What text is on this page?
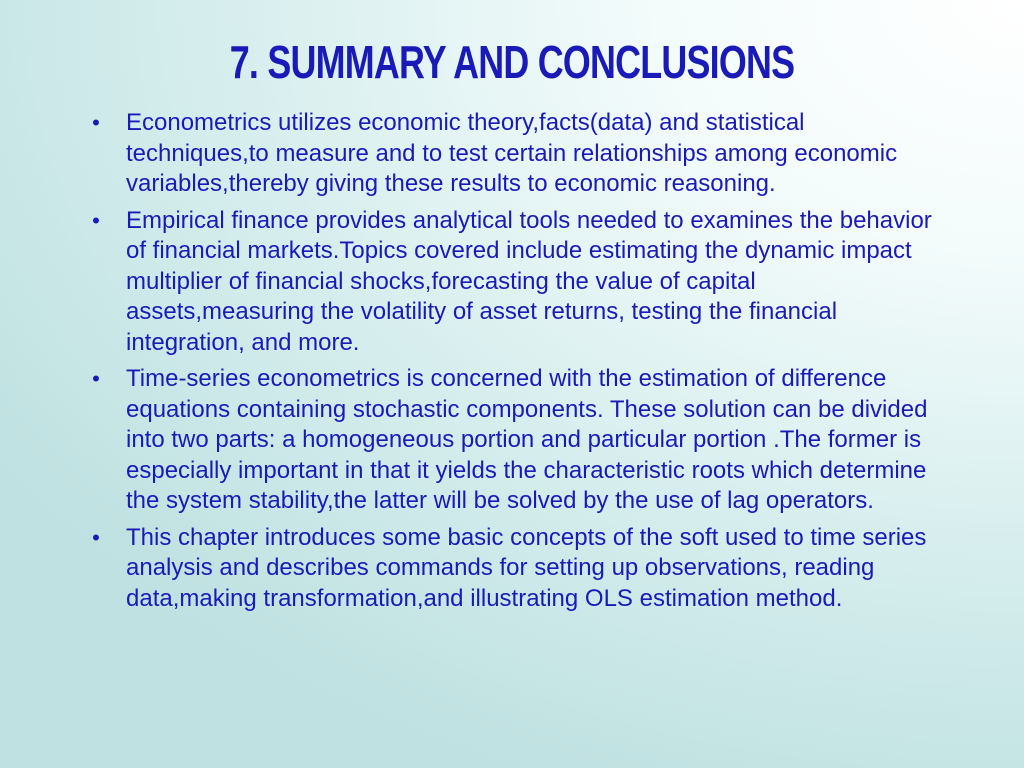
7. SUMMARY AND CONCLUSIONS
• Econometrics utilizes economic theory,facts(data) and statistical techniques,to measure and to test certain relationships among economic variables,thereby giving these results to economic reasoning.
• Empirical finance provides analytical tools needed to examines the behavior of financial markets.Topics covered include estimating the dynamic impact multiplier of financial shocks,forecasting the value of capital assets,measuring the volatility of asset returns, testing the financial integration, and more.
• Time-series econometrics is concerned with the estimation of difference equations containing stochastic components. These solution can be divided into two parts: a homogeneous portion and particular portion .The former is especially important in that it yields the characteristic roots which determine the system stability,the latter will be solved by the use of lag operators.
• This chapter introduces some basic concepts of the soft used to time series analysis and describes commands for setting up observations, reading data,making transformation,and illustrating OLS estimation method.
